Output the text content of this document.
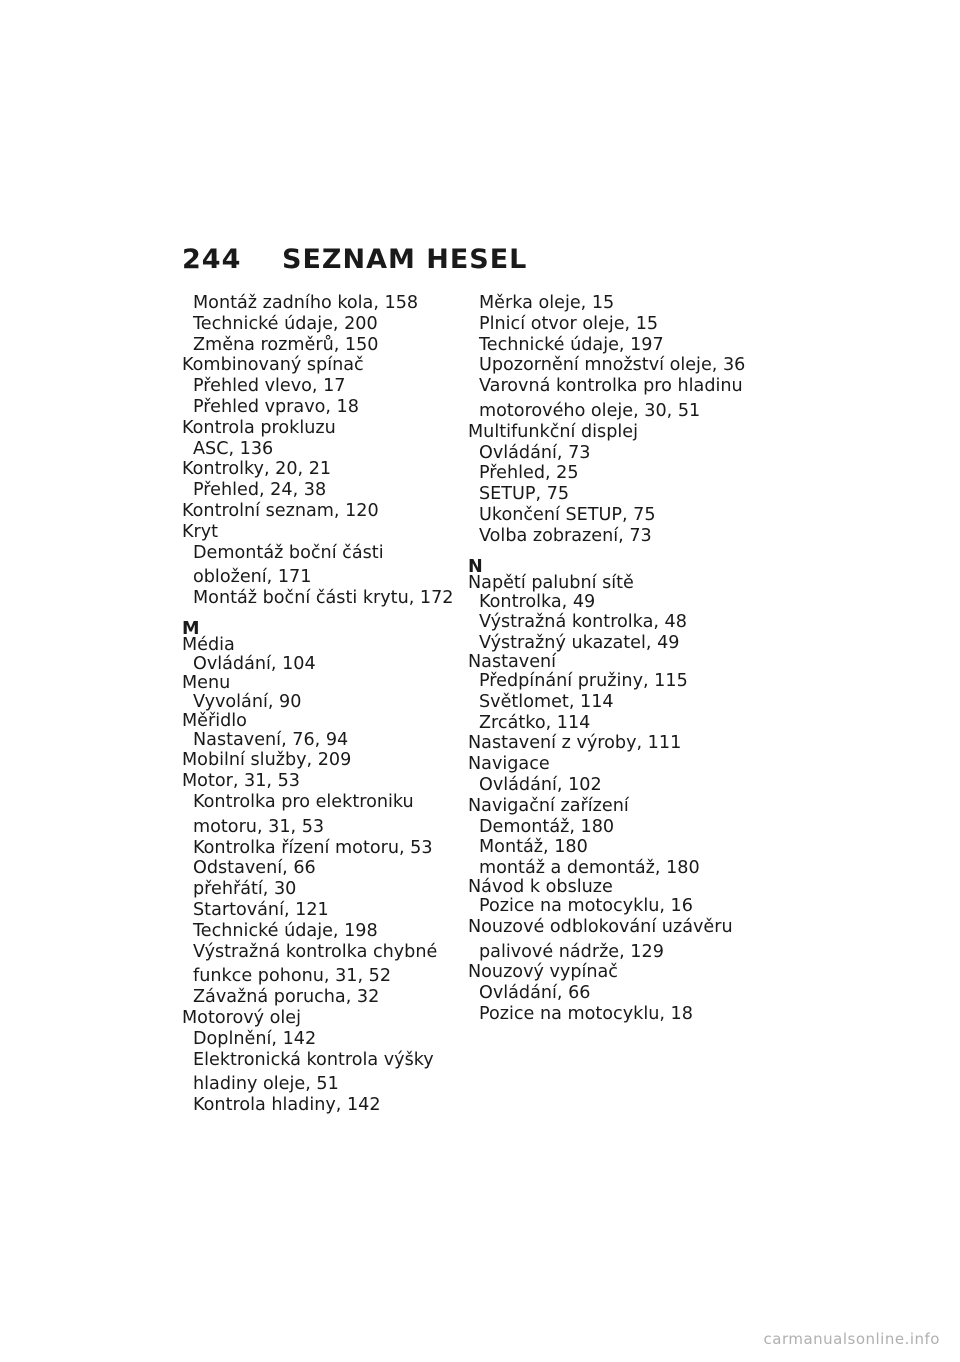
244	SEZNAM HESEL
Montáž zadního kola, 158
Technické údaje, 200
Změna rozměrů, 150
Kombinovaný spínač
Přehled vlevo, 17
Přehled vpravo, 18
Kontrola prokluzu
ASC, 136
Kontrolky, 20, 21
Přehled, 24, 38
Kontrolní seznam, 120
Kryt
Demontáž boční části
obložení, 171
Montáž boční části krytu, 172
M
Média
Ovládání, 104
Menu
Vyvolání, 90
Měřidlo
Nastavení, 76, 94
Mobilní služby, 209
Motor, 31, 53
Kontrolka pro elektroniku
motoru, 31, 53
Kontrolka řízení motoru, 53
Odstavení, 66
přehřátí, 30
Startování, 121
Technické údaje, 198
Výstražná kontrolka chybné
funkce pohonu, 31, 52
Závažná porucha, 32
Motorový olej
Doplnění, 142
Elektronická kontrola výšky
hladiny oleje, 51
Kontrola hladiny, 142
Měrka oleje, 15
Plnicí otvor oleje, 15
Technické údaje, 197
Upozornění množství oleje, 36
Varovná kontrolka pro hladinu
motorového oleje, 30, 51
Multifunkční displej
Ovládání, 73
Přehled, 25
SETUP, 75
Ukončení SETUP, 75
Volba zobrazení, 73
N
Napětí palubní sítě
Kontrolka, 49
Výstražná kontrolka, 48
Výstražný ukazatel, 49
Nastavení
Předpínání pružiny, 115
Světlomet, 114
Zrcátko, 114
Nastavení z výroby, 111
Navigace
Ovládání, 102
Navigační zařízení
Demontáž, 180
Montáž, 180
montáž a demontáž, 180
Návod k obsluze
Pozice na motocyklu, 16
Nouzové odblokování uzávěru
palivové nádrže, 129
Nouzový vypínač
Ovládání, 66
Pozice na motocyklu, 18
carmanualsonline.info
